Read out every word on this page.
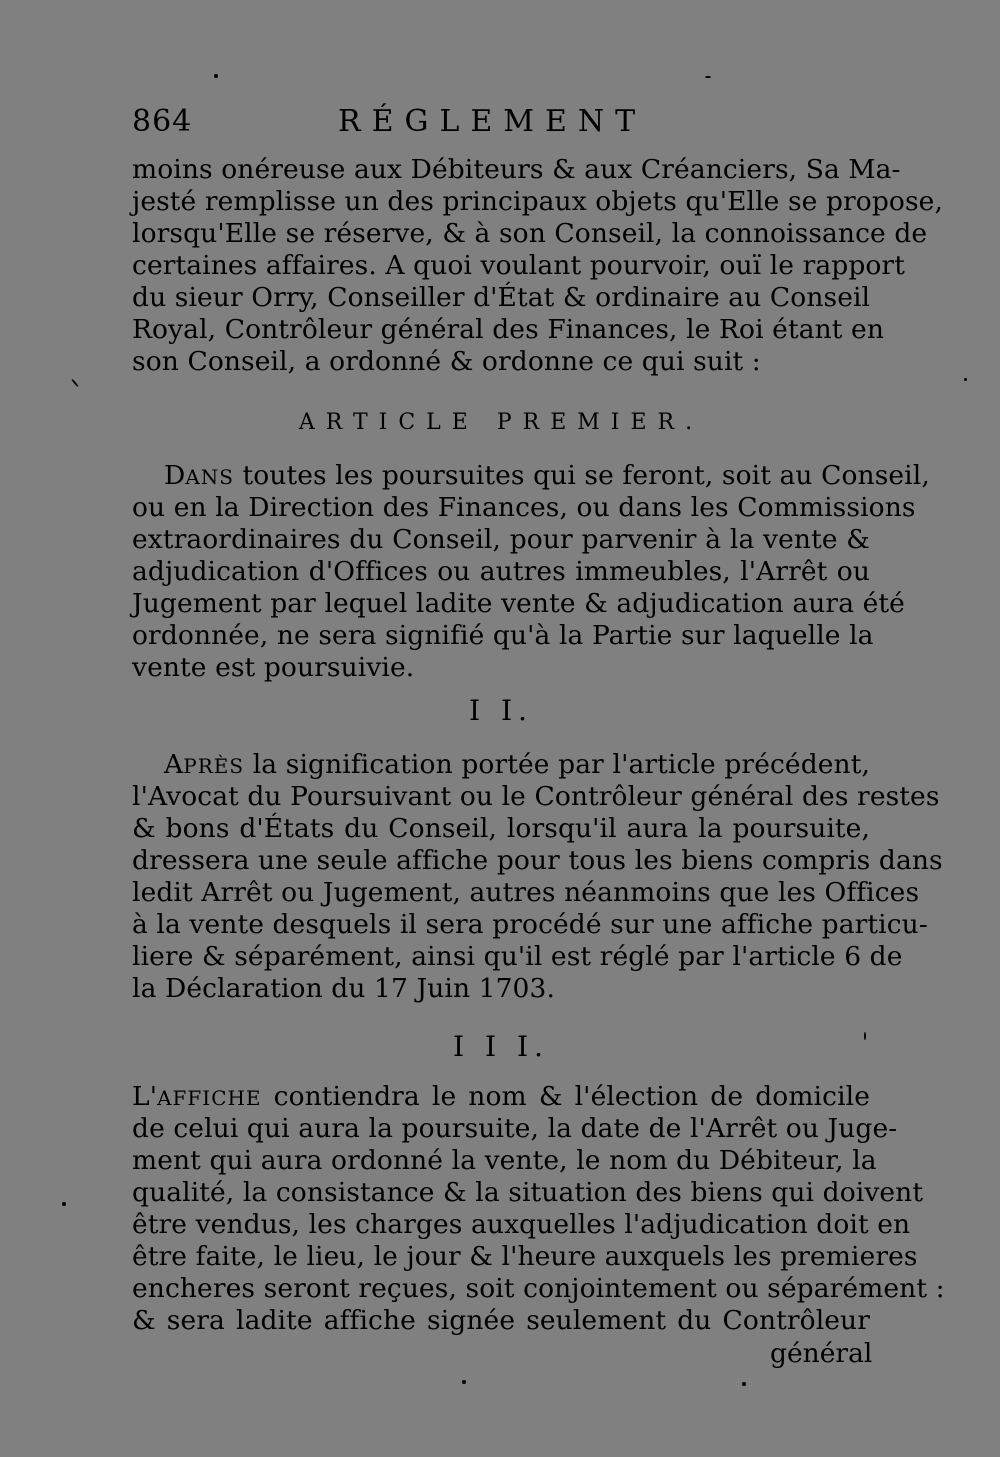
864	RÉGLEMENT
moins onéreuse aux Débiteurs & aux Créanciers, Sa Ma-
jesté remplisse un des principaux objets qu'Elle se propose,
lorsqu'Elle se réserve, & à son Conseil, la connoissance de
certaines affaires. A quoi voulant pourvoir, ouï le rapport
du sieur Orry, Conseiller d'État & ordinaire au Conseil
Royal, Contrôleur général des Finances, le Roi étant en
son Conseil, a ordonné & ordonne ce qui suit :
ARTICLE PREMIER.
DANS toutes les poursuites qui se feront, soit au Conseil,
ou en la Direction des Finances, ou dans les Commissions
extraordinaires du Conseil, pour parvenir à la vente &
adjudication d'Offices ou autres immeubles, l'Arrêt ou
Jugement par lequel ladite vente & adjudication aura été
ordonnée, ne sera signifié qu'à la Partie sur laquelle la
vente est poursuivie.
I I.
APRÈS la signification portée par l'article précédent,
l'Avocat du Poursuivant ou le Contrôleur général des restes
& bons d'États du Conseil, lorsqu'il aura la poursuite,
dressera une seule affiche pour tous les biens compris dans
ledit Arrêt ou Jugement, autres néanmoins que les Offices
à la vente desquels il sera procédé sur une affiche particu-
liere & séparément, ainsi qu'il est réglé par l'article 6 de
la Déclaration du 17 Juin 1703.
I I I.
L'AFFICHE contiendra le nom & l'élection de domicile
de celui qui aura la poursuite, la date de l'Arrêt ou Juge-
ment qui aura ordonné la vente, le nom du Débiteur, la
qualité, la consistance & la situation des biens qui doivent
être vendus, les charges auxquelles l'adjudication doit en
être faite, le lieu, le jour & l'heure auxquels les premieres
encheres seront reçues, soit conjointement ou séparément :
& sera ladite affiche signée seulement du Contrôleur
général
